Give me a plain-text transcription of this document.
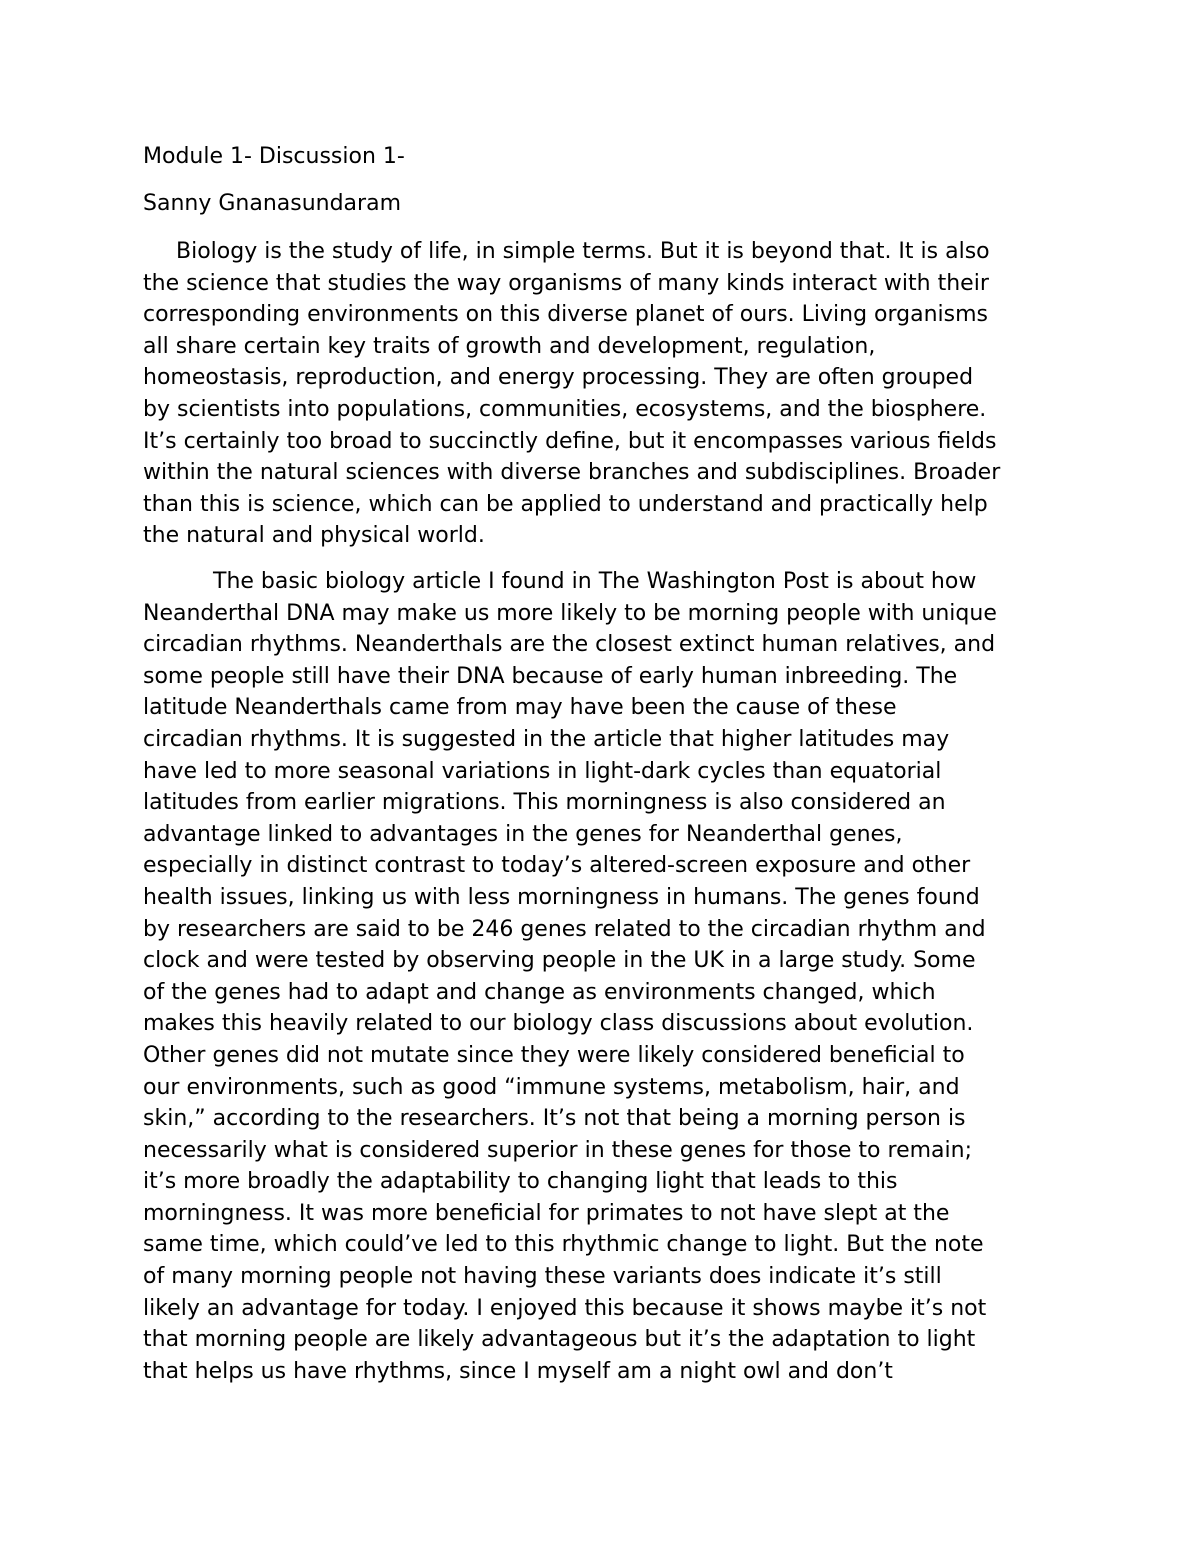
Module 1- Discussion 1-
Sanny Gnanasundaram
Biology is the study of life, in simple terms. But it is beyond that. It is also
the science that studies the way organisms of many kinds interact with their
corresponding environments on this diverse planet of ours. Living organisms
all share certain key traits of growth and development, regulation,
homeostasis, reproduction, and energy processing. They are often grouped
by scientists into populations, communities, ecosystems, and the biosphere.
It’s certainly too broad to succinctly define, but it encompasses various fields
within the natural sciences with diverse branches and subdisciplines. Broader
than this is science, which can be applied to understand and practically help
the natural and physical world.
The basic biology article I found in The Washington Post is about how
Neanderthal DNA may make us more likely to be morning people with unique
circadian rhythms. Neanderthals are the closest extinct human relatives, and
some people still have their DNA because of early human inbreeding. The
latitude Neanderthals came from may have been the cause of these
circadian rhythms. It is suggested in the article that higher latitudes may
have led to more seasonal variations in light-dark cycles than equatorial
latitudes from earlier migrations. This morningness is also considered an
advantage linked to advantages in the genes for Neanderthal genes,
especially in distinct contrast to today’s altered-screen exposure and other
health issues, linking us with less morningness in humans. The genes found
by researchers are said to be 246 genes related to the circadian rhythm and
clock and were tested by observing people in the UK in a large study. Some
of the genes had to adapt and change as environments changed, which
makes this heavily related to our biology class discussions about evolution.
Other genes did not mutate since they were likely considered beneficial to
our environments, such as good “immune systems, metabolism, hair, and
skin,” according to the researchers. It’s not that being a morning person is
necessarily what is considered superior in these genes for those to remain;
it’s more broadly the adaptability to changing light that leads to this
morningness. It was more beneficial for primates to not have slept at the
same time, which could’ve led to this rhythmic change to light. But the note
of many morning people not having these variants does indicate it’s still
likely an advantage for today. I enjoyed this because it shows maybe it’s not
that morning people are likely advantageous but it’s the adaptation to light
that helps us have rhythms, since I myself am a night owl and don’t
